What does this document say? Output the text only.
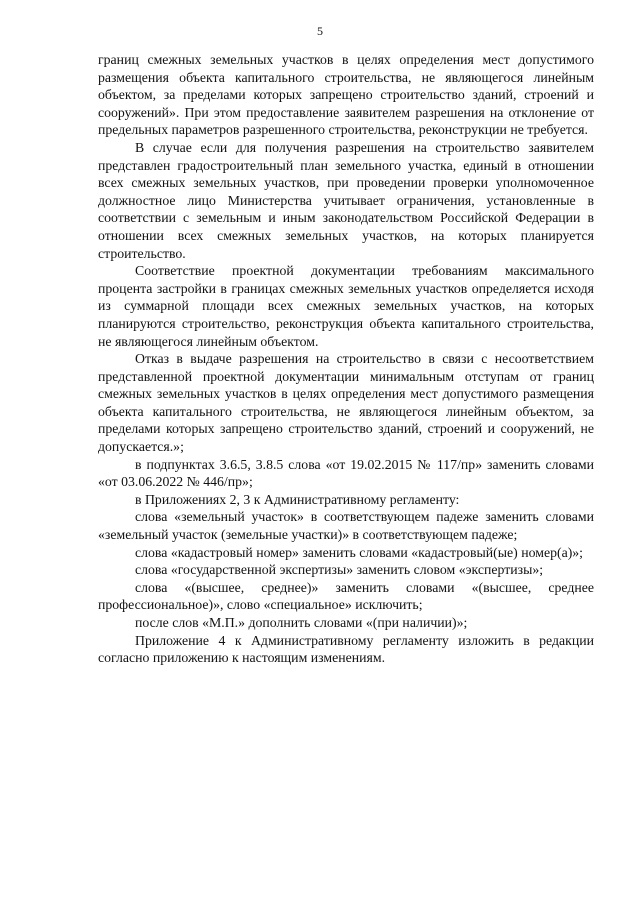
5

границ смежных земельных участков в целях определения мест допустимого размещения объекта капитального строительства, не являющегося линейным объектом, за пределами которых запрещено строительство зданий, строений и сооружений». При этом предоставление заявителем разрешения на отклонение от предельных параметров разрешенного строительства, реконструкции не требуется.

В случае если для получения разрешения на строительство заявителем представлен градостроительный план земельного участка, единый в отношении всех смежных земельных участков, при проведении проверки уполномоченное должностное лицо Министерства учитывает ограничения, установленные в соответствии с земельным и иным законодательством Российской Федерации в отношении всех смежных земельных участков, на которых планируется строительство.

Соответствие проектной документации требованиям максимального процента застройки в границах смежных земельных участков определяется исходя из суммарной площади всех смежных земельных участков, на которых планируются строительство, реконструкция объекта капитального строительства, не являющегося линейным объектом.

Отказ в выдаче разрешения на строительство в связи с несоответствием представленной проектной документации минимальным отступам от границ смежных земельных участков в целях определения мест допустимого размещения объекта капитального строительства, не являющегося линейным объектом, за пределами которых запрещено строительство зданий, строений и сооружений, не допускается.»;

в подпунктах 3.6.5, 3.8.5 слова «от 19.02.2015 № 117/пр» заменить словами «от 03.06.2022 № 446/пр»;

в Приложениях 2, 3 к Административному регламенту:

слова «земельный участок» в соответствующем падеже заменить словами «земельный участок (земельные участки)» в соответствующем падеже;

слова «кадастровый номер» заменить словами «кадастровый(ые) номер(а)»;

слова «государственной экспертизы» заменить словом «экспертизы»;

слова «(высшее, среднее)» заменить словами «(высшее, среднее профессиональное)», слово «специальное» исключить;

после слов «М.П.» дополнить словами «(при наличии)»;

Приложение 4 к Административному регламенту изложить в редакции согласно приложению к настоящим изменениям.
